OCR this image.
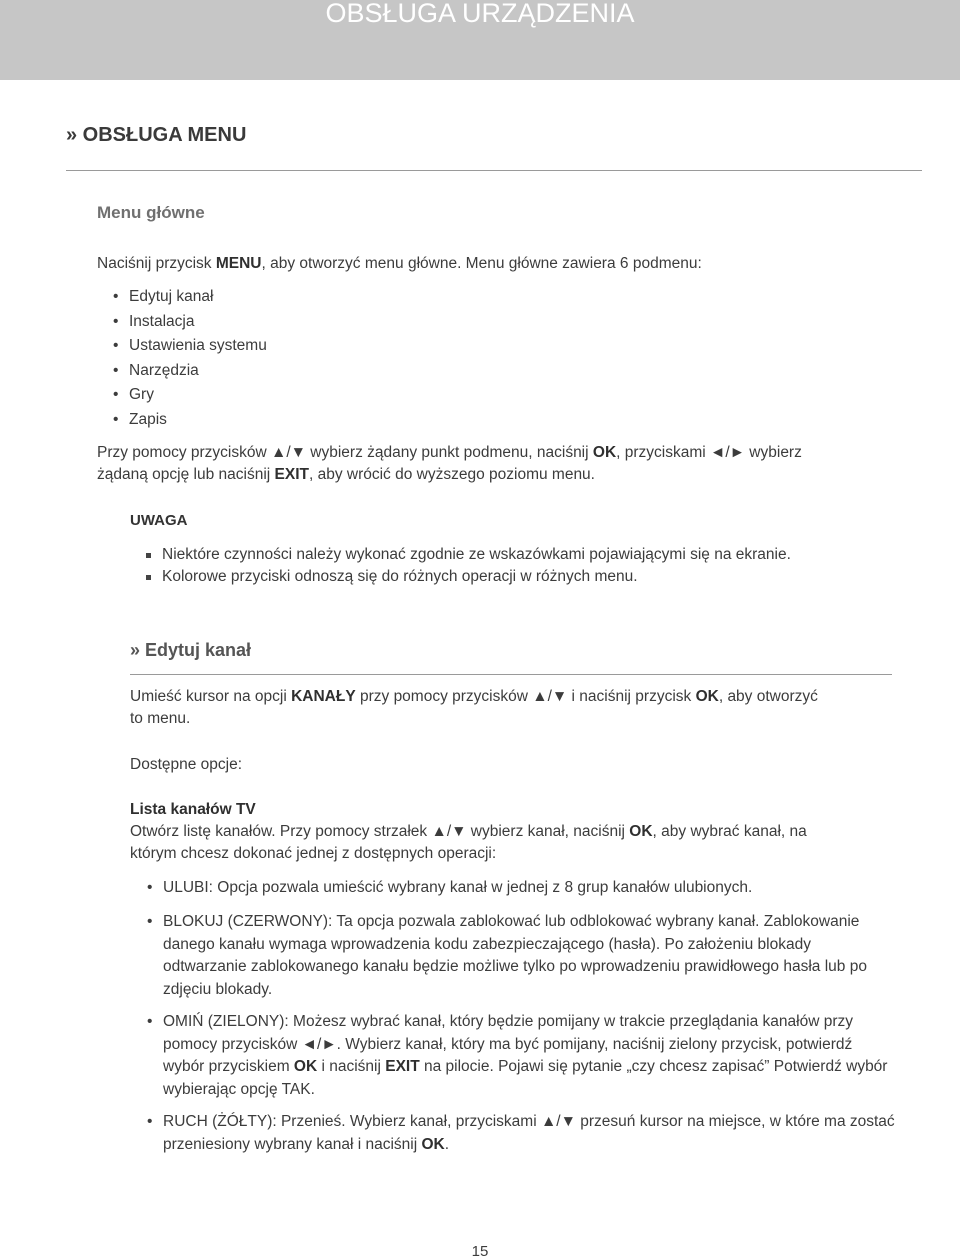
OBSŁUGA URZĄDZENIA
» OBSŁUGA MENU
Menu główne
Naciśnij przycisk MENU, aby otworzyć menu główne. Menu główne zawiera 6 podmenu:
• Edytuj kanał
• Instalacja
• Ustawienia systemu
• Narzędzia
• Gry
• Zapis
Przy pomocy przycisków ▲/▼ wybierz żądany punkt podmenu, naciśnij OK, przyciskami ◄/► wybierz
żądaną opcję lub naciśnij EXIT, aby wrócić do wyższego poziomu menu.
UWAGA
Niektóre czynności należy wykonać zgodnie ze wskazówkami pojawiającymi się na ekranie.
Kolorowe przyciski odnoszą się do różnych operacji w różnych menu.
» Edytuj kanał
Umieść kursor na opcji KANAŁY przy pomocy przycisków ▲/▼ i naciśnij przycisk OK, aby otworzyć
to menu.
Dostępne opcje:
Lista kanałów TV
Otwórz listę kanałów. Przy pomocy strzałek ▲/▼ wybierz kanał, naciśnij OK, aby wybrać kanał, na
którym chcesz dokonać jednej z dostępnych operacji:
• ULUBI: Opcja pozwala umieścić wybrany kanał w jednej z 8 grup kanałów ulubionych.
• BLOKUJ (CZERWONY): Ta opcja pozwala zablokować lub odblokować wybrany kanał. Zablokowanie danego kanału wymaga wprowadzenia kodu zabezpieczającego (hasła). Po założeniu blokady odtwarzanie zablokowanego kanału będzie możliwe tylko po wprowadzeniu prawidłowego hasła lub po zdjęciu blokady.
• OMIŃ (ZIELONY): Możesz wybrać kanał, który będzie pomijany w trakcie przeglądania kanałów przy pomocy przycisków ◄/►. Wybierz kanał, który ma być pomijany, naciśnij zielony przycisk, potwierdź wybór przyciskiem OK i naciśnij EXIT na pilocie. Pojawi się pytanie „czy chcesz zapisać” Potwierdź wybór wybierając opcję TAK.
• RUCH (ŻÓŁTY): Przenieś. Wybierz kanał, przyciskami ▲/▼ przesuń kursor na miejsce, w które ma zostać przeniesiony wybrany kanał i naciśnij OK.
15
